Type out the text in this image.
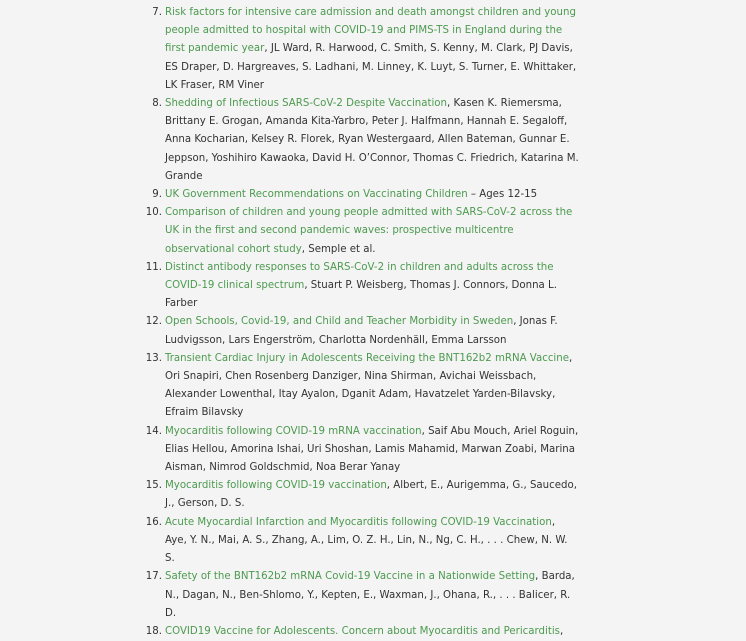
7. Risk factors for intensive care admission and death amongst children and young people admitted to hospital with COVID-19 and PIMS-TS in England during the first pandemic year, JL Ward, R. Harwood, C. Smith, S. Kenny, M. Clark, PJ Davis, ES Draper, D. Hargreaves, S. Ladhani, M. Linney, K. Luyt, S. Turner, E. Whittaker, LK Fraser, RM Viner
8. Shedding of Infectious SARS-CoV-2 Despite Vaccination, Kasen K. Riemersma, Brittany E. Grogan, Amanda Kita-Yarbro, Peter J. Halfmann, Hannah E. Segaloff, Anna Kocharian, Kelsey R. Florek, Ryan Westergaard, Allen Bateman, Gunnar E. Jeppson, Yoshihiro Kawaoka, David H. O’Connor, Thomas C. Friedrich, Katarina M. Grande
9. UK Government Recommendations on Vaccinating Children – Ages 12-15
10. Comparison of children and young people admitted with SARS-CoV-2 across the UK in the first and second pandemic waves: prospective multicentre observational cohort study, Semple et al.
11. Distinct antibody responses to SARS-CoV-2 in children and adults across the COVID-19 clinical spectrum, Stuart P. Weisberg, Thomas J. Connors, Donna L. Farber
12. Open Schools, Covid-19, and Child and Teacher Morbidity in Sweden, Jonas F. Ludvigsson, Lars Engerström, Charlotta Nordenhäll, Emma Larsson
13. Transient Cardiac Injury in Adolescents Receiving the BNT162b2 mRNA Vaccine, Ori Snapiri, Chen Rosenberg Danziger, Nina Shirman, Avichai Weissbach, Alexander Lowenthal, Itay Ayalon, Dganit Adam, Havatzelet Yarden-Bilavsky, Efraim Bilavsky
14. Myocarditis following COVID-19 mRNA vaccination, Saif Abu Mouch, Ariel Roguin, Elias Hellou, Amorina Ishai, Uri Shoshan, Lamis Mahamid, Marwan Zoabi, Marina Aisman, Nimrod Goldschmid, Noa Berar Yanay
15. Myocarditis following COVID-19 vaccination, Albert, E., Aurigemma, G., Saucedo, J., Gerson, D. S.
16. Acute Myocardial Infarction and Myocarditis following COVID-19 Vaccination, Aye, Y. N., Mai, A. S., Zhang, A., Lim, O. Z. H., Lin, N., Ng, C. H., . . . Chew, N. W. S.
17. Safety of the BNT162b2 mRNA Covid-19 Vaccine in a Nationwide Setting, Barda, N., Dagan, N., Ben-Shlomo, Y., Kepten, E., Waxman, J., Ohana, R., . . . Balicer, R. D.
18. COVID19 Vaccine for Adolescents. Concern about Myocarditis and Pericarditis,
